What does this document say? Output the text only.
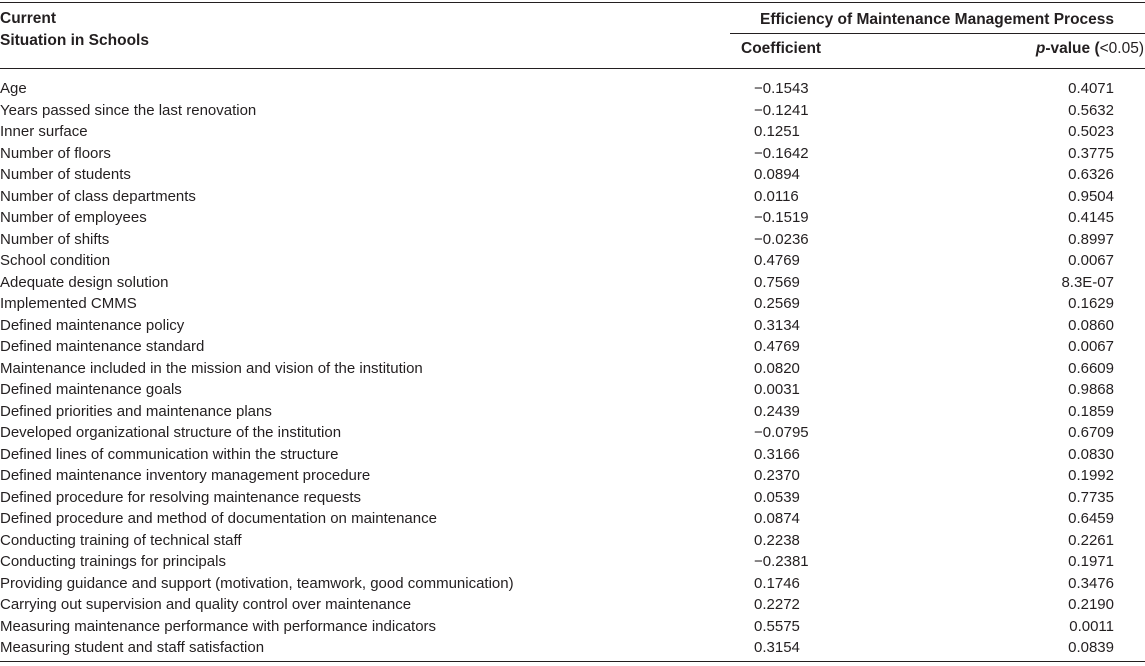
Current
Situation in Schools
Efficiency of Maintenance Management Process
Coefficient	p-value (<0.05)
Age	−0.1543	0.4071
Years passed since the last renovation	−0.1241	0.5632
Inner surface	0.1251	0.5023
Number of floors	−0.1642	0.3775
Number of students	0.0894	0.6326
Number of class departments	0.0116	0.9504
Number of employees	−0.1519	0.4145
Number of shifts	−0.0236	0.8997
School condition	0.4769	0.0067
Adequate design solution	0.7569	8.3E-07
Implemented CMMS	0.2569	0.1629
Defined maintenance policy	0.3134	0.0860
Defined maintenance standard	0.4769	0.0067
Maintenance included in the mission and vision of the institution	0.0820	0.6609
Defined maintenance goals	0.0031	0.9868
Defined priorities and maintenance plans	0.2439	0.1859
Developed organizational structure of the institution	−0.0795	0.6709
Defined lines of communication within the structure	0.3166	0.0830
Defined maintenance inventory management procedure	0.2370	0.1992
Defined procedure for resolving maintenance requests	0.0539	0.7735
Defined procedure and method of documentation on maintenance	0.0874	0.6459
Conducting training of technical staff	0.2238	0.2261
Conducting trainings for principals	−0.2381	0.1971
Providing guidance and support (motivation, teamwork, good communication)	0.1746	0.3476
Carrying out supervision and quality control over maintenance	0.2272	0.2190
Measuring maintenance performance with performance indicators	0.5575	0.0011
Measuring student and staff satisfaction	0.3154	0.0839
